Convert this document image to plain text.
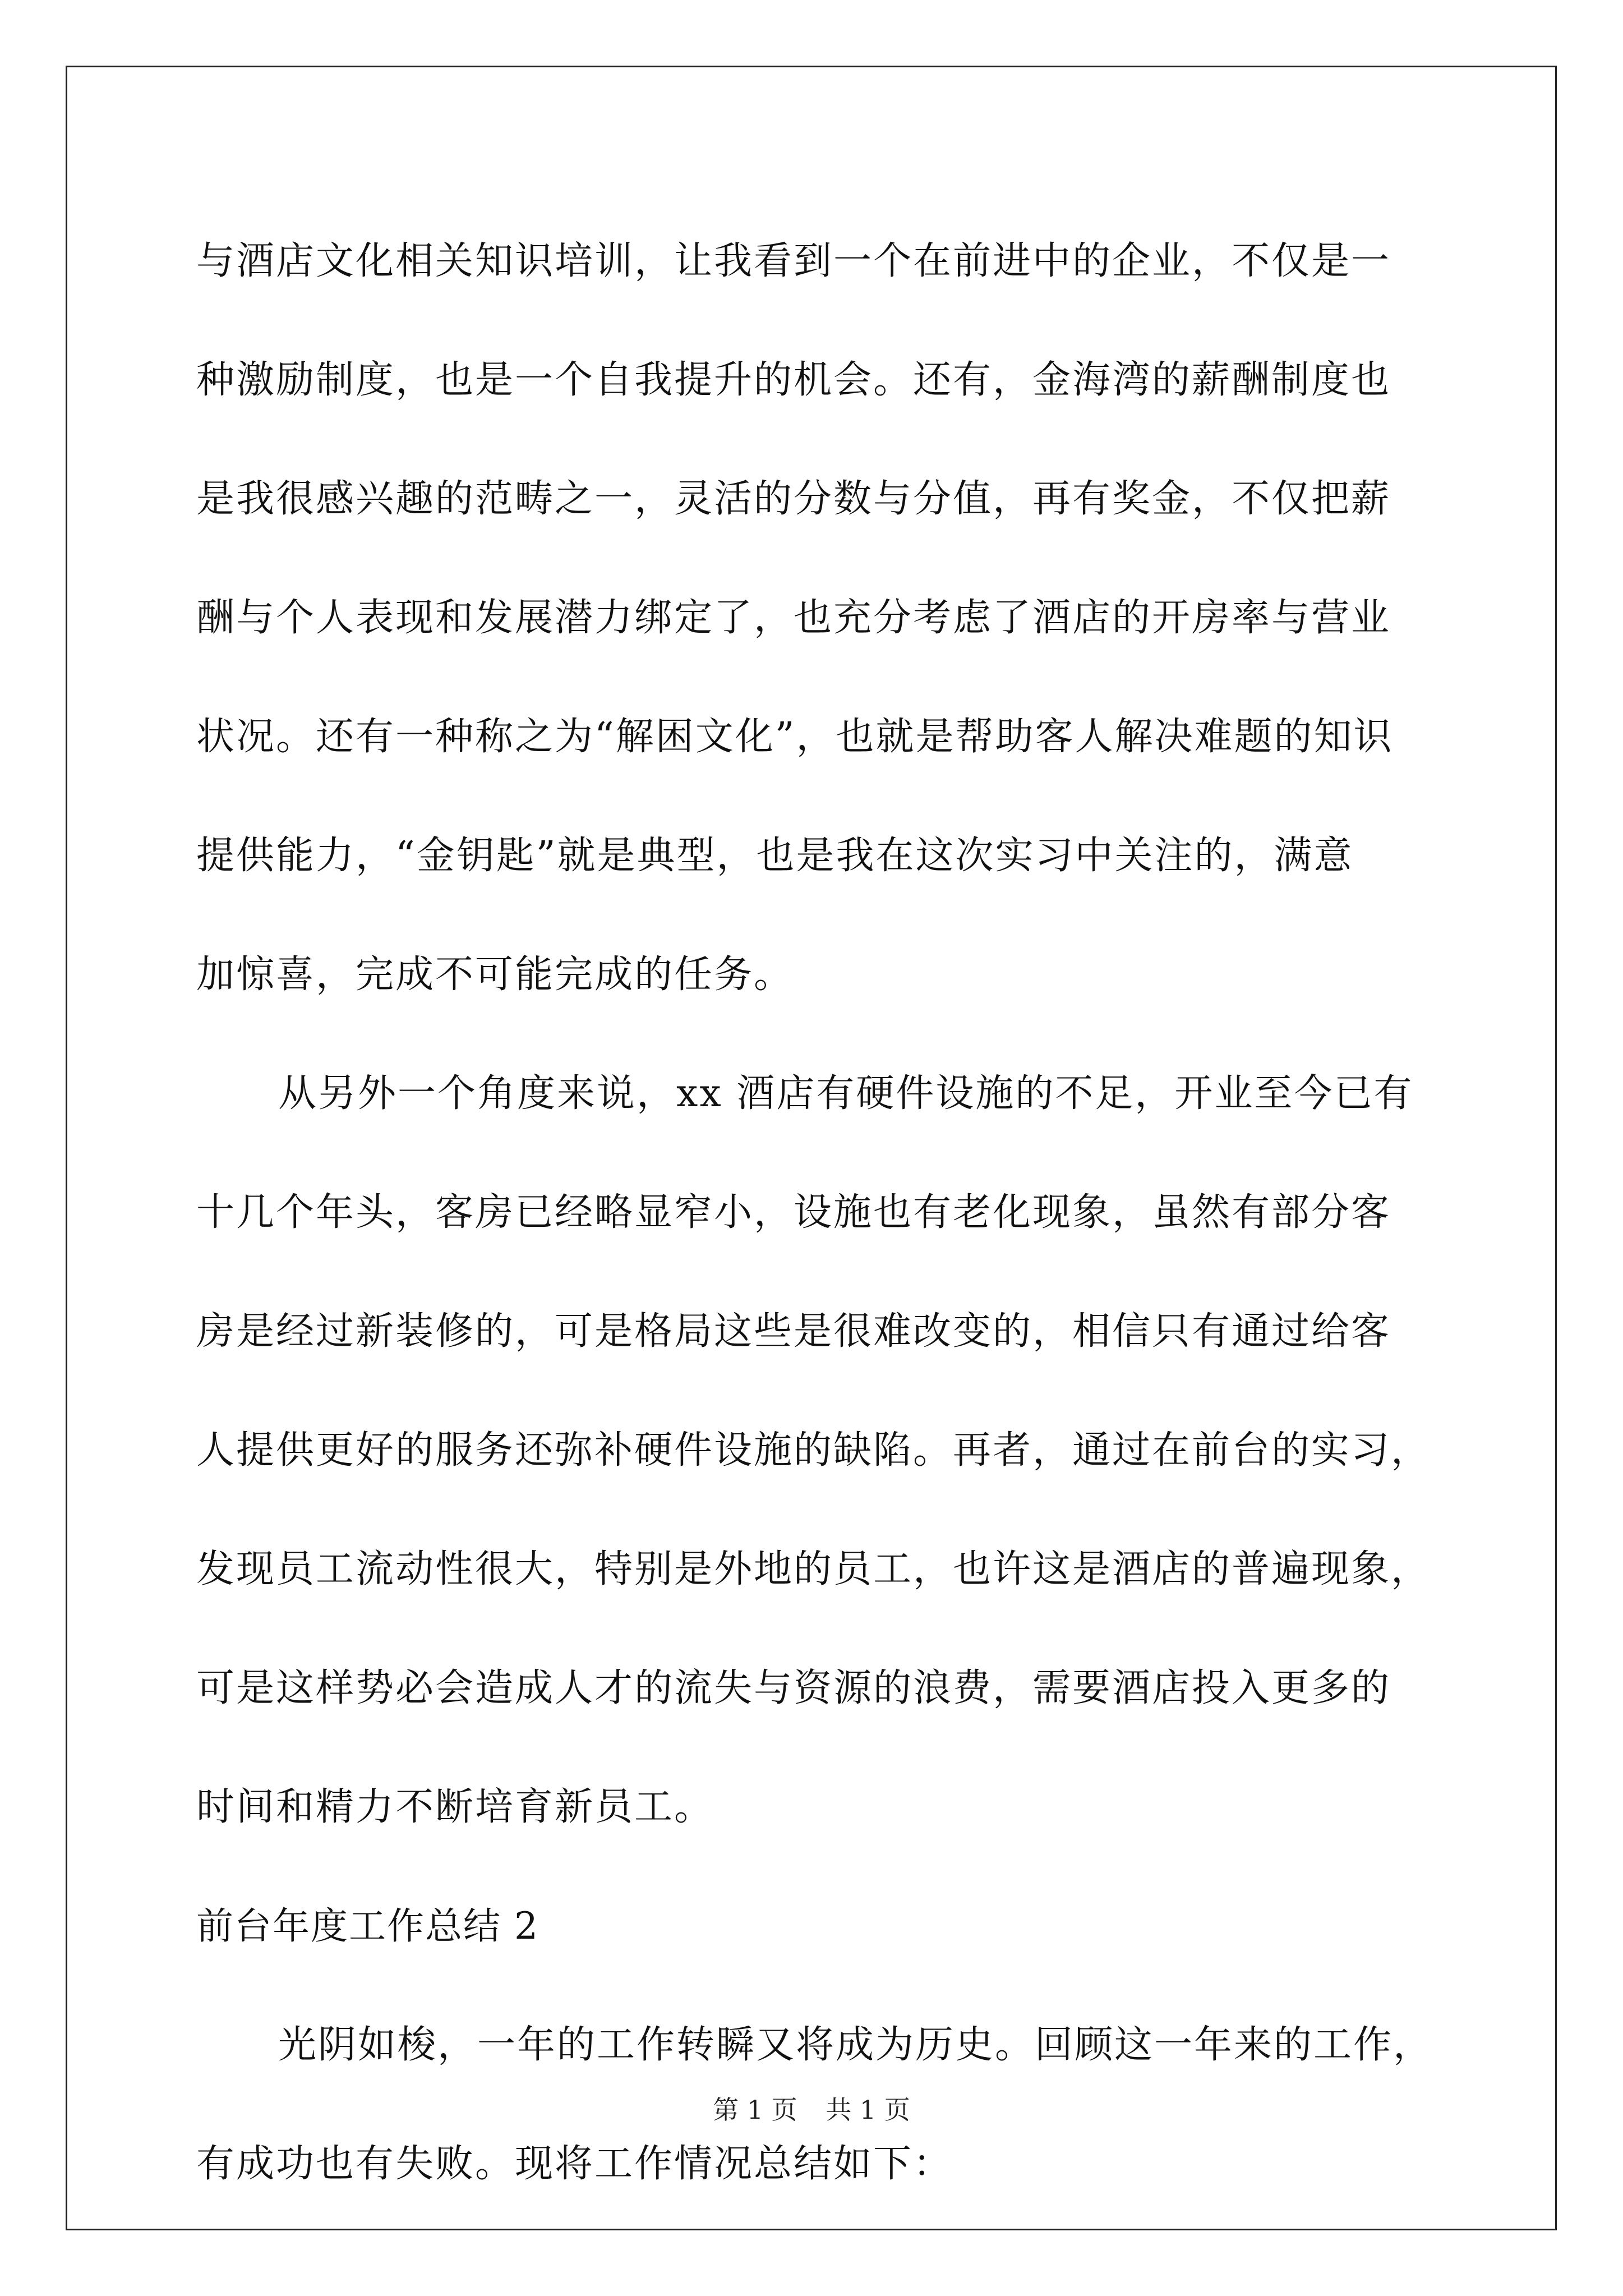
与酒店文化相关知识培训，让我看到一个在前进中的企业，不仅是一
种激励制度，也是一个自我提升的机会。还有，金海湾的薪酬制度也
是我很感兴趣的范畴之一，灵活的分数与分值，再有奖金，不仅把薪
酬与个人表现和发展潜力绑定了，也充分考虑了酒店的开房率与营业
状况。还有一种称之为“解困文化”，也就是帮助客人解决难题的知识
提供能力，“金钥匙”就是典型，也是我在这次实习中关注的，满意
加惊喜，完成不可能完成的任务。
从另外一个角度来说，xx 酒店有硬件设施的不足，开业至今已有
十几个年头，客房已经略显窄小，设施也有老化现象，虽然有部分客
房是经过新装修的，可是格局这些是很难改变的，相信只有通过给客
人提供更好的服务还弥补硬件设施的缺陷。再者，通过在前台的实习，
发现员工流动性很大，特别是外地的员工，也许这是酒店的普遍现象，
可是这样势必会造成人才的流失与资源的浪费，需要酒店投入更多的
时间和精力不断培育新员工。
前台年度工作总结 2
光阴如梭，一年的工作转瞬又将成为历史。回顾这一年来的工作，
有成功也有失败。现将工作情况总结如下：
第 1 页 共 1 页
